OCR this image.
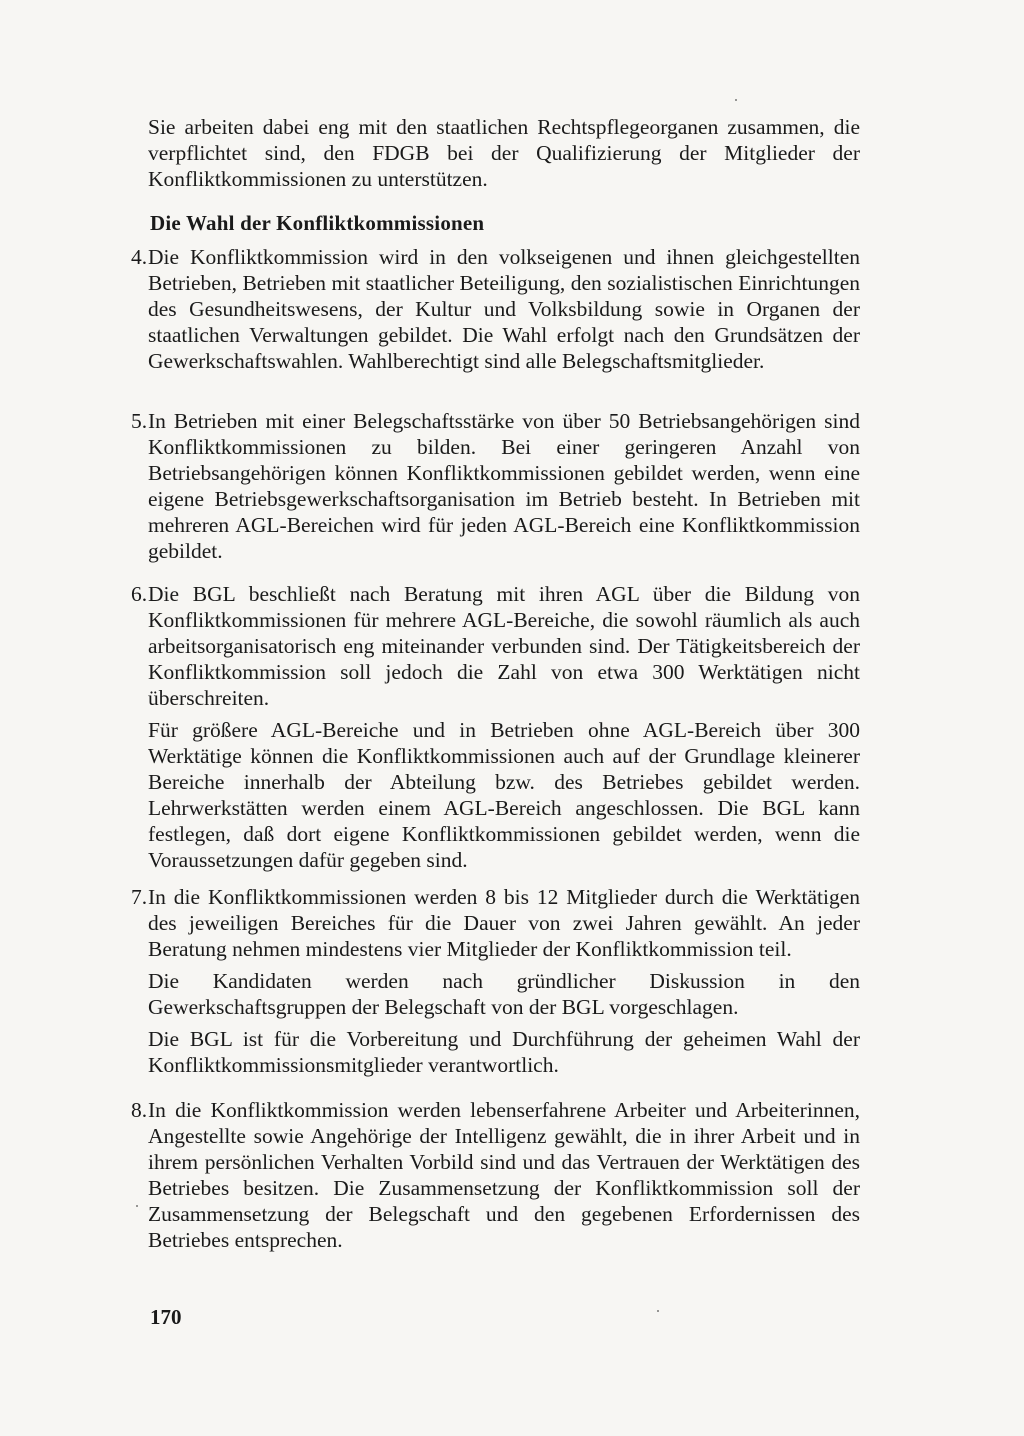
Sie arbeiten dabei eng mit den staatlichen Rechtspflegeorganen zusammen, die verpflichtet sind, den FDGB bei der Qualifizierung der Mitglieder der Konfliktkommissionen zu unterstützen.

Die Wahl der Konfliktkommissionen
4. Die Konfliktkommission wird in den volkseigenen und ihnen gleichgestellten Betrieben, Betrieben mit staatlicher Beteiligung, den sozialistischen Einrichtungen des Gesundheitswesens, der Kultur und Volksbildung sowie in Organen der staatlichen Verwaltungen gebildet. Die Wahl erfolgt nach den Grundsätzen der Gewerkschaftswahlen. Wahlberechtigt sind alle Belegschaftsmitglieder.

5. In Betrieben mit einer Belegschaftsstärke von über 50 Betriebsangehörigen sind Konfliktkommissionen zu bilden. Bei einer geringeren Anzahl von Betriebsangehörigen können Konfliktkommissionen gebildet werden, wenn eine eigene Betriebsgewerkschaftsorganisation im Betrieb besteht. In Betrieben mit mehreren AGL-Bereichen wird für jeden AGL-Bereich eine Konfliktkommission gebildet.

6. Die BGL beschließt nach Beratung mit ihren AGL über die Bildung von Konfliktkommissionen für mehrere AGL-Bereiche, die sowohl räumlich als auch arbeitsorganisatorisch eng miteinander verbunden sind. Der Tätigkeitsbereich der Konfliktkommission soll jedoch die Zahl von etwa 300 Werktätigen nicht überschreiten.

Für größere AGL-Bereiche und in Betrieben ohne AGL-Bereich über 300 Werktätige können die Konfliktkommissionen auch auf der Grundlage kleinerer Bereiche innerhalb der Abteilung bzw. des Betriebes gebildet werden. Lehrwerkstätten werden einem AGL-Bereich angeschlossen. Die BGL kann festlegen, daß dort eigene Konfliktkommissionen gebildet werden, wenn die Voraussetzungen dafür gegeben sind.

7. In die Konfliktkommissionen werden 8 bis 12 Mitglieder durch die Werktätigen des jeweiligen Bereiches für die Dauer von zwei Jahren gewählt. An jeder Beratung nehmen mindestens vier Mitglieder der Konfliktkommission teil.

Die Kandidaten werden nach gründlicher Diskussion in den Gewerkschaftsgruppen der Belegschaft von der BGL vorgeschlagen.

Die BGL ist für die Vorbereitung und Durchführung der geheimen Wahl der Konfliktkommissionsmitglieder verantwortlich.

8. In die Konfliktkommission werden lebenserfahrene Arbeiter und Arbeiterinnen, Angestellte sowie Angehörige der Intelligenz gewählt, die in ihrer Arbeit und in ihrem persönlichen Verhalten Vorbild sind und das Vertrauen der Werktätigen des Betriebes besitzen. Die Zusammensetzung der Konfliktkommission soll der Zusammensetzung der Belegschaft und den gegebenen Erfordernissen des Betriebes entsprechen.

170
